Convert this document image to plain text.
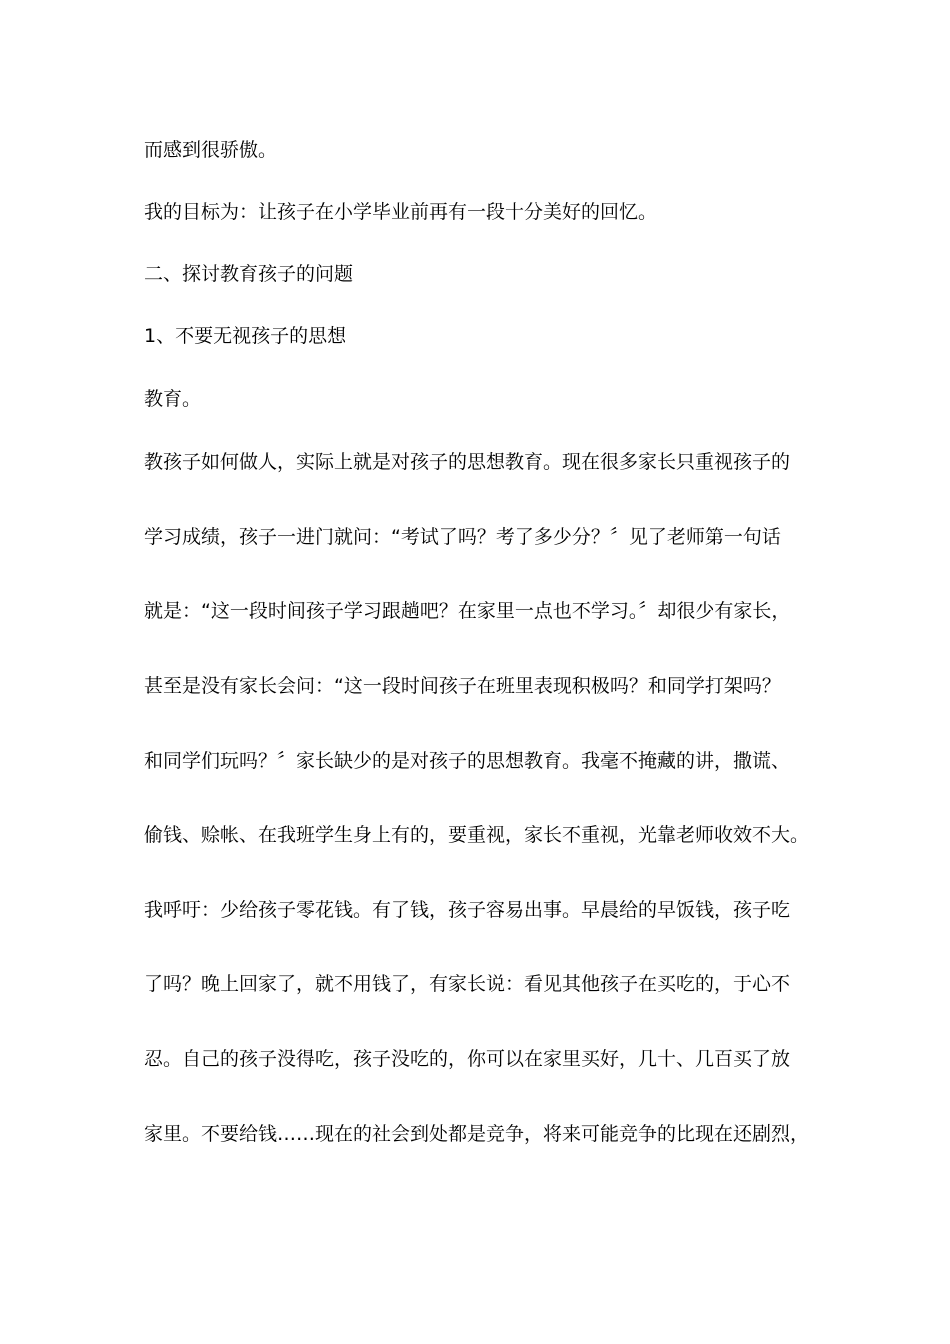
而感到很骄傲。
我的目标为：让孩子在小学毕业前再有一段十分美好的回忆。
二、探讨教育孩子的问题
1、不要无视孩子的思想
教育。
教孩子如何做人，实际上就是对孩子的思想教育。现在很多家长只重视孩子的
学习成绩，孩子一进门就问：“考试了吗？考了多少分？〞见了老师第一句话
就是：“这一段时间孩子学习跟趟吧？在家里一点也不学习。〞却很少有家长，
甚至是没有家长会问：“这一段时间孩子在班里表现积极吗？和同学打架吗？
和同学们玩吗？〞家长缺少的是对孩子的思想教育。我毫不掩藏的讲，撒谎、
偷钱、赊帐、在我班学生身上有的，要重视，家长不重视，光靠老师收效不大。
我呼吁：少给孩子零花钱。有了钱，孩子容易出事。早晨给的早饭钱，孩子吃
了吗？晚上回家了，就不用钱了，有家长说：看见其他孩子在买吃的，于心不
忍。自己的孩子没得吃，孩子没吃的，你可以在家里买好，几十、几百买了放
家里。不要给钱……现在的社会到处都是竞争，将来可能竞争的比现在还剧烈，
